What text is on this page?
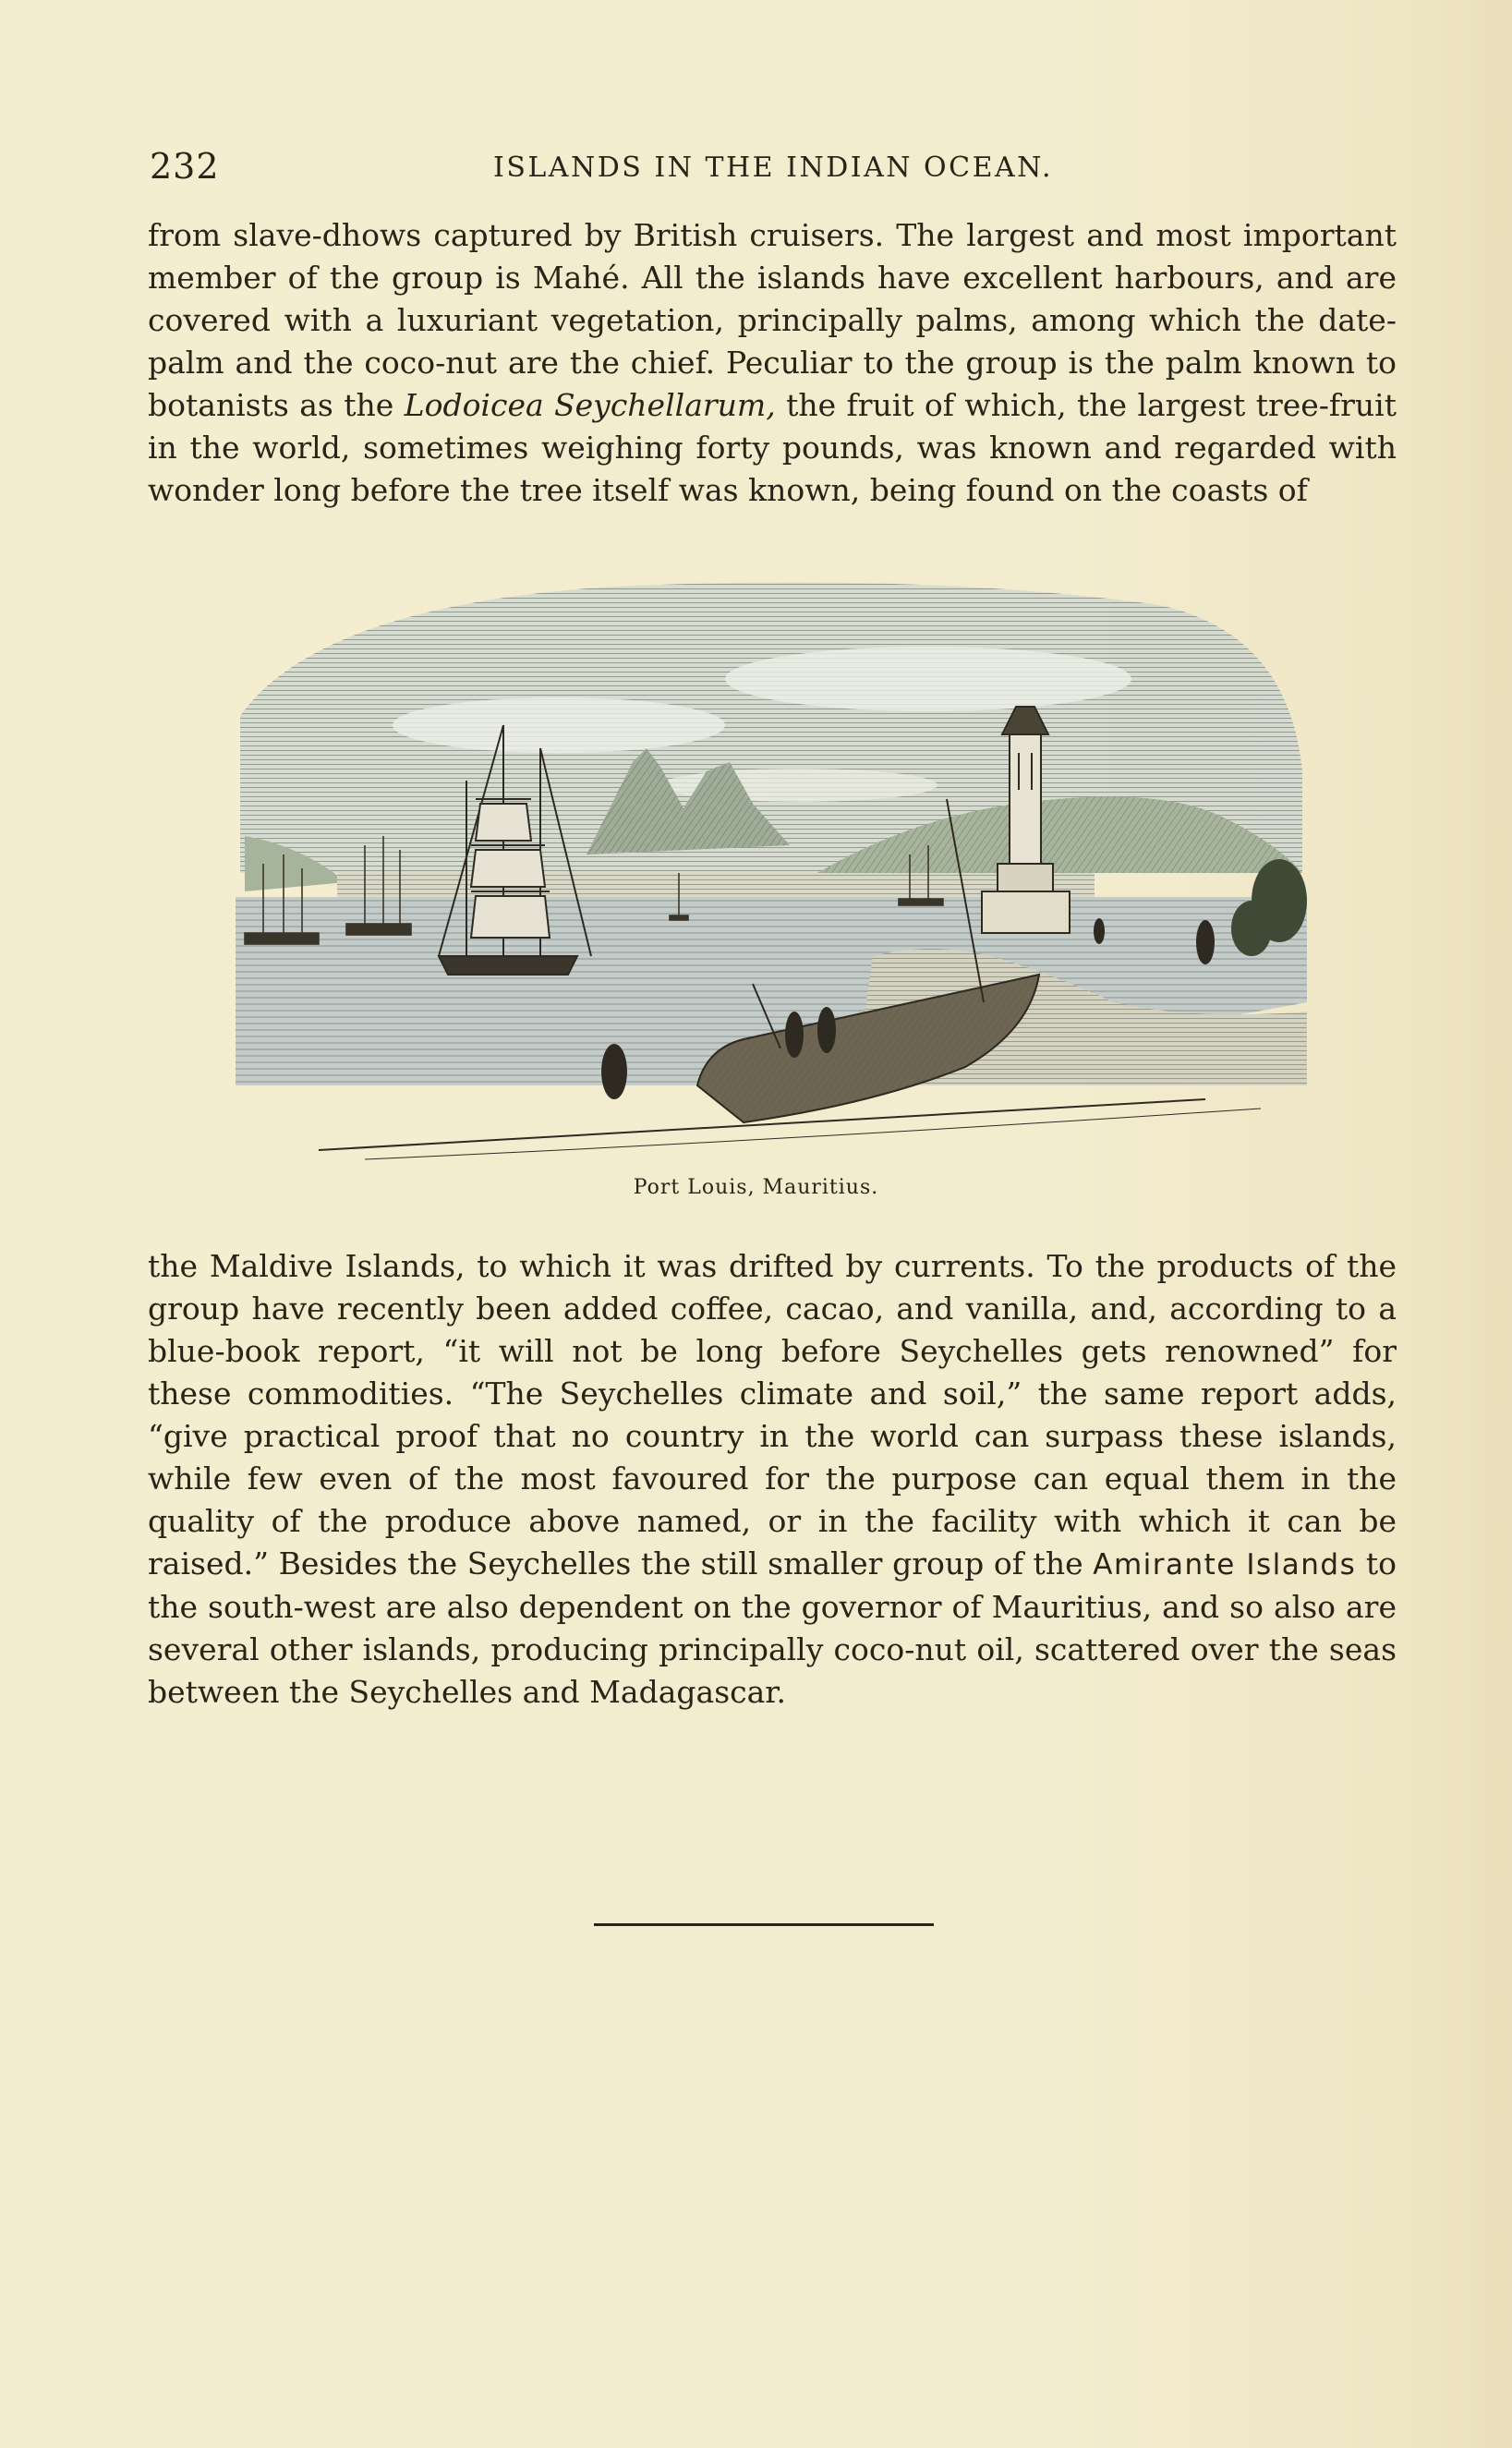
232	ISLANDS IN THE INDIAN OCEAN.

from slave-dhows captured by British cruisers. The largest and most important member of the group is Mahé. All the islands have excellent harbours, and are covered with a luxuriant vegetation, principally palms, among which the date-palm and the coco-nut are the chief. Peculiar to the group is the palm known to botanists as the Lodoicea Seychellarum, the fruit of which, the largest tree-fruit in the world, sometimes weighing forty pounds, was known and regarded with wonder long before the tree itself was known, being found on the coasts of

Port Louis, Mauritius.

the Maldive Islands, to which it was drifted by currents. To the products of the group have recently been added coffee, cacao, and vanilla, and, according to a blue-book report, “it will not be long before Seychelles gets renowned” for these commodities. “The Seychelles climate and soil,” the same report adds, “give practical proof that no country in the world can surpass these islands, while few even of the most favoured for the purpose can equal them in the quality of the produce above named, or in the facility with which it can be raised.” Besides the Seychelles the still smaller group of the Amirante Islands to the south-west are also dependent on the governor of Mauritius, and so also are several other islands, producing principally coco-nut oil, scattered over the seas between the Seychelles and Madagascar.
